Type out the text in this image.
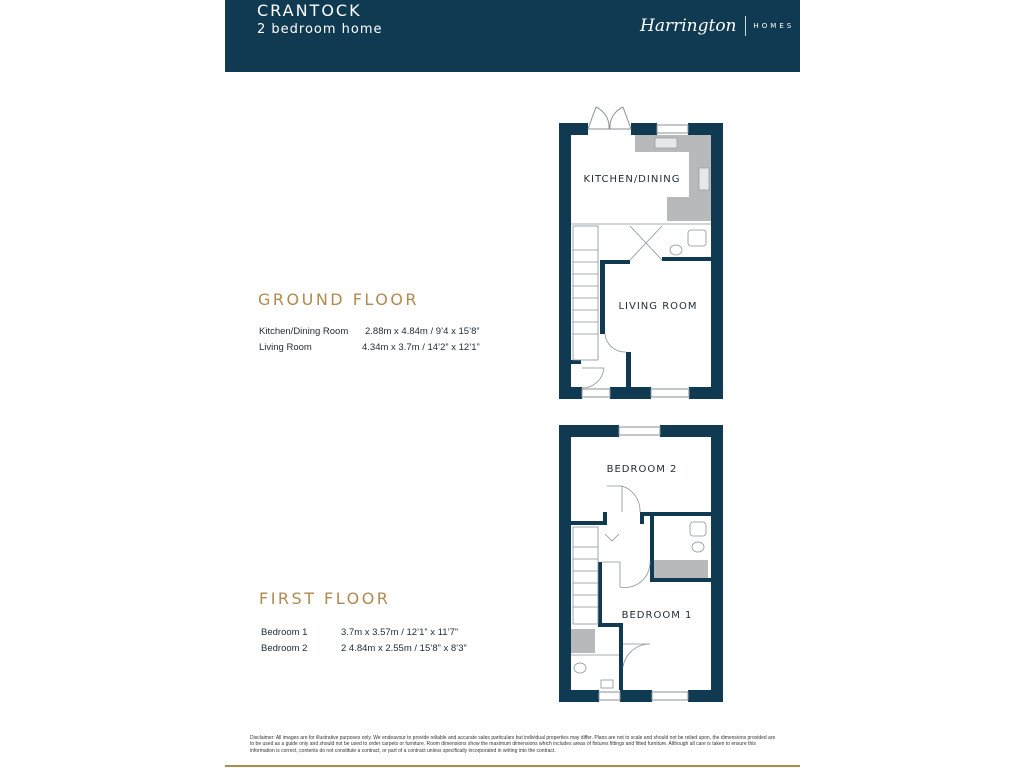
CRANTOCK
2 bedroom home	Harrington HOMES
GROUND FLOOR
Kitchen/Dining Room 2.88m x 4.84m / 9’4 x 15’8”
Living Room	4.34m x 3.7m / 14’2” x 12’1”
FIRST FLOOR
Bedroom 1	3.7m x 3.57m / 12’1” x 11’7”
Bedroom 2	2 4.84m x 2.55m / 15’8” x 8’3”
KITCHEN/DINING
LIVING ROOM
BEDROOM 2
BEDROOM 1
Disclaimer: All images are for illustrative purposes only. We endeavour to provide reliable and accurate sales particulars but individual properties may differ. Plans are not to scale and should not be relied upon, the dimensions provided are to be used as a guide only and should not be used to order carpets or furniture. Room dimensions show the maximum dimensions which includes areas of fixtures fittings and fitted furniture. Although all care is taken to ensure this information is correct, contents do not constitute a contract, or part of a contract unless specifically incorporated in writing into the contract.
